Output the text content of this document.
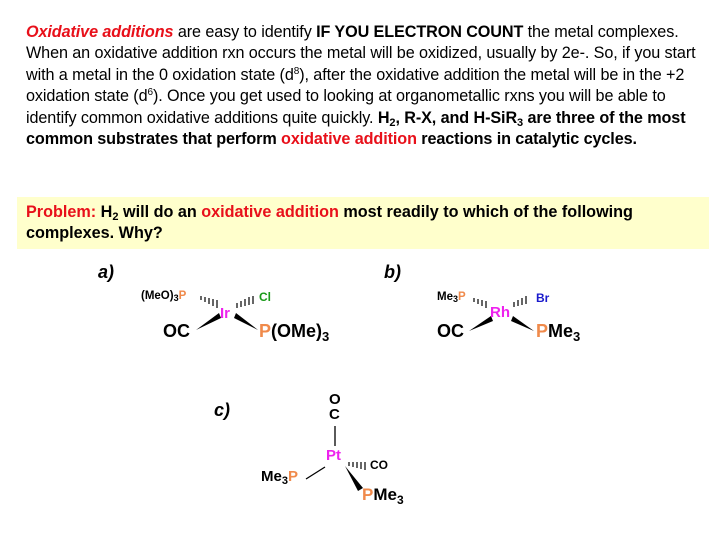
Oxidative additions are easy to identify IF YOU ELECTRON COUNT the metal complexes. When an oxidative addition rxn occurs the metal will be oxidized, usually by 2e-. So, if you start with a metal in the 0 oxidation state $(d^8)$, after the oxidative addition the metal will be in the +2 oxidation state $(d^6)$. Once you get used to looking at organometallic rxns you will be able to identify common oxidative additions quite quickly. $H_2$, R-X, and H-SiR$_3$ are three of the most common substrates that perform oxidative addition reactions in catalytic cycles.
Problem: $H_2$ will do an oxidative addition most readily to which of the following complexes. Why?
a)
$(MeO)_3P$
Ir
Cl
OC	$P(OMe)_3$
b)
$Me_3P$
Rh
Br
OC	PMe$_3$
c)
O
C
Pt
CO
$Me_3P$
PMe$_3$
